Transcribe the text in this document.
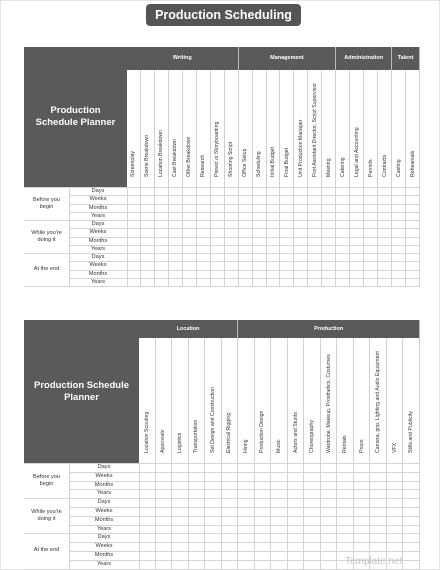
Production Scheduling
Production
Schedule Planner
Writing
Screenplay Scene Breakdown Location Breakdown Cast Breakdown Other Breakdown Research Prewiz or Storyboarding Shooting Script
Management
Office Setup Scheduling Initial Budget Final Budget Unit Production Manager First Assistant Director, Script Supervisor Meeting
Administration
Catering Legal and Accounting Permits Contracts
Talent
Casting Rehearsals
Before you
begin
Days
Weeks
Months
Years
While you're
doing it
Days
Weeks
Months
Years
At the end
Days
Weeks
Months
Years
Production Schedule
Planner
Location
Location Scouting Approvals Logistics Transportation Set Design and Construction Electrical Rigging
Production
Hiring Production Design Music Actors and Stunts Choreography Wardrobe, Makeup, Prosthetics, Costumes Rentals Props Camera, grip, Lighting and Audio Equipment VFX Stills and Publicity
Before you
begin
Days
Weeks
Months
Years
While you're
doing it
Days
Weeks
Months
Years
At the end
Days
Weeks
Months
Years	Template.net
